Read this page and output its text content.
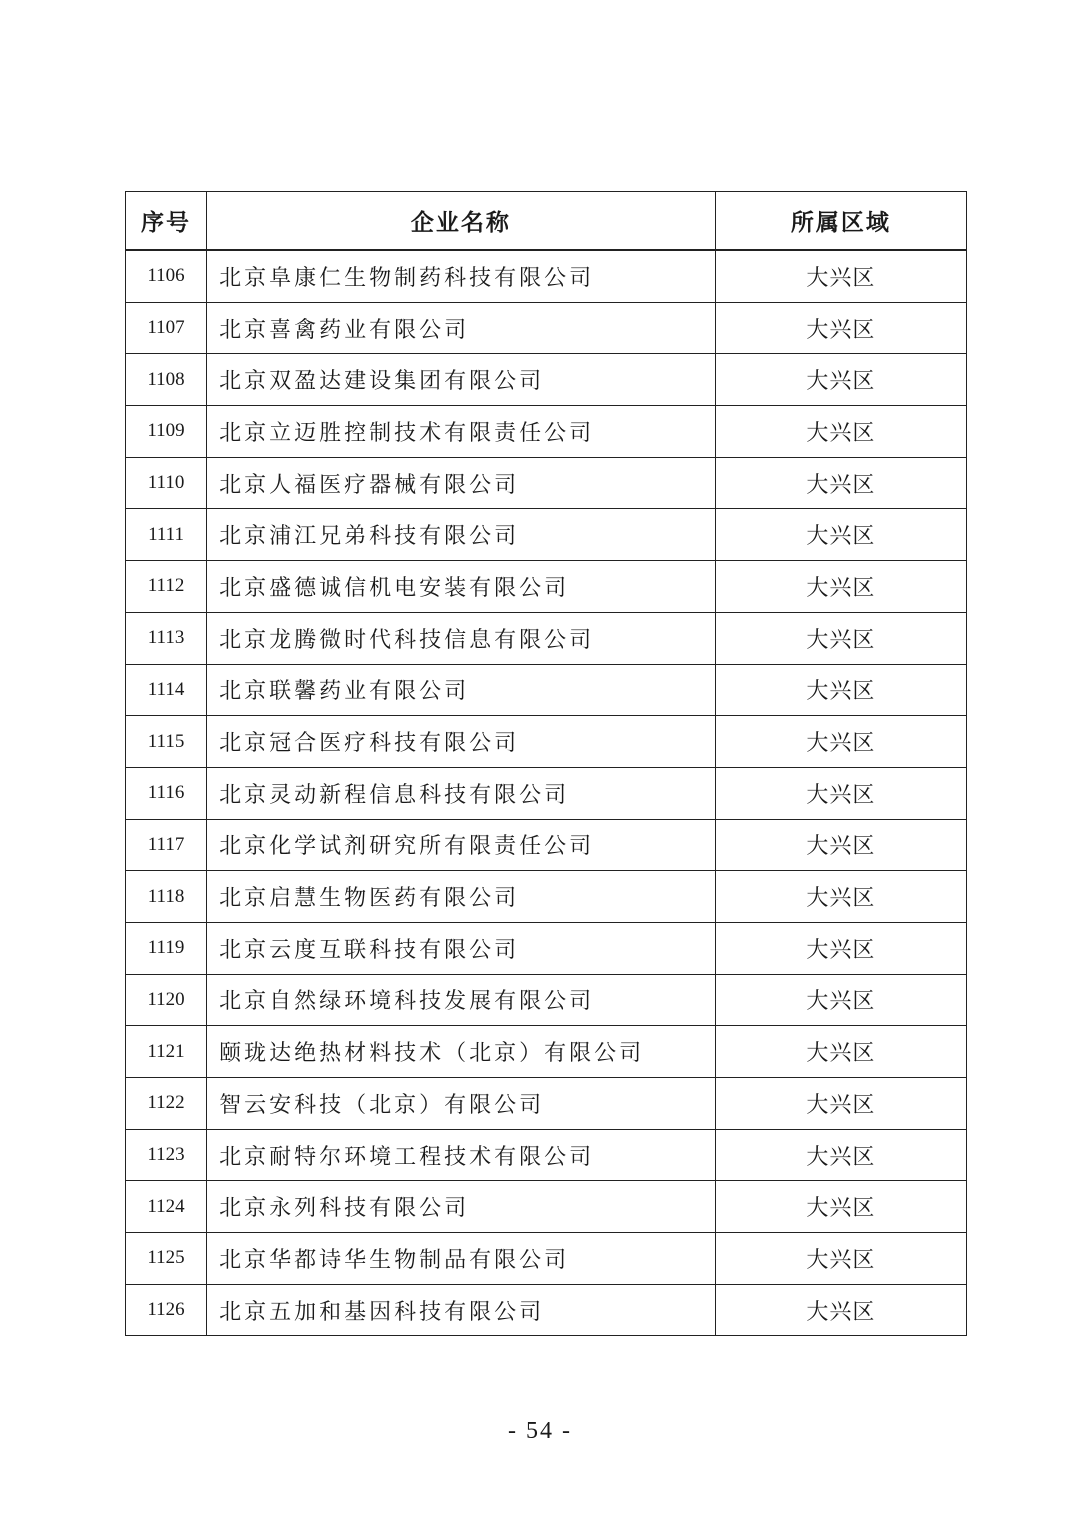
序号	企业名称	所属区域
1106	北京阜康仁生物制药科技有限公司	大兴区
1107	北京喜禽药业有限公司	大兴区
1108	北京双盈达建设集团有限公司	大兴区
1109	北京立迈胜控制技术有限责任公司	大兴区
1110	北京人福医疗器械有限公司	大兴区
1111	北京浦江兄弟科技有限公司	大兴区
1112	北京盛德诚信机电安装有限公司	大兴区
1113	北京龙腾微时代科技信息有限公司	大兴区
1114	北京联馨药业有限公司	大兴区
1115	北京冠合医疗科技有限公司	大兴区
1116	北京灵动新程信息科技有限公司	大兴区
1117	北京化学试剂研究所有限责任公司	大兴区
1118	北京启慧生物医药有限公司	大兴区
1119	北京云度互联科技有限公司	大兴区
1120	北京自然绿环境科技发展有限公司	大兴区
1121	颐珑达绝热材料技术（北京）有限公司	大兴区
1122	智云安科技（北京）有限公司	大兴区
1123	北京耐特尔环境工程技术有限公司	大兴区
1124	北京永列科技有限公司	大兴区
1125	北京华都诗华生物制品有限公司	大兴区
1126	北京五加和基因科技有限公司	大兴区
- 54 -
